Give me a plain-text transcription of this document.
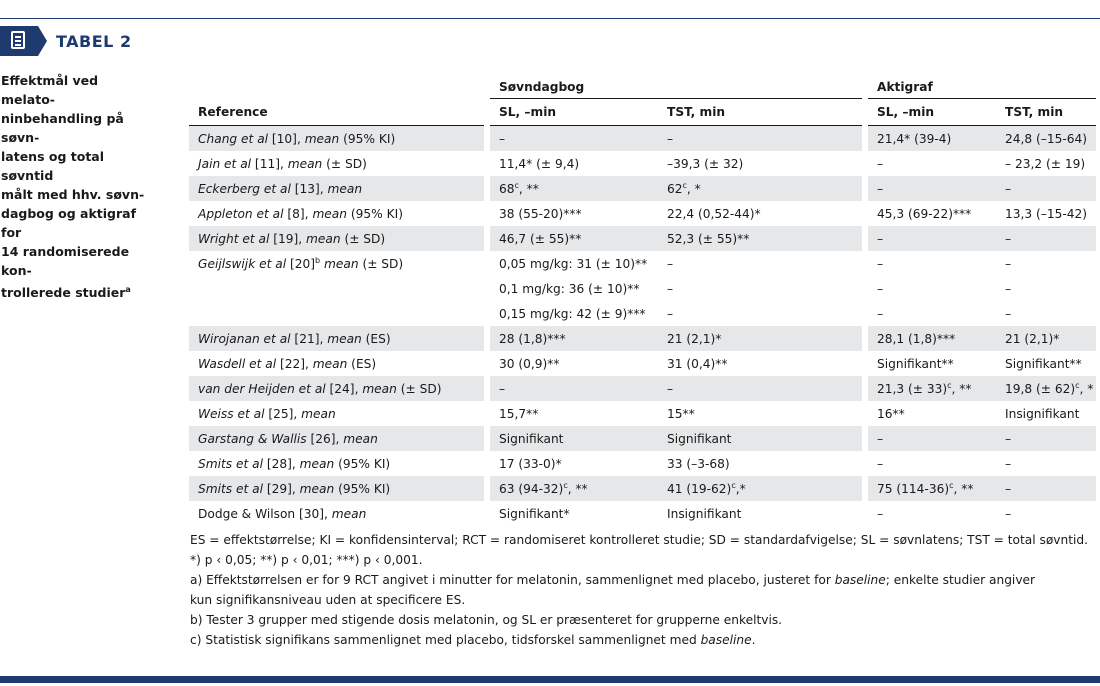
TABEL 2
Effektmål ved melato-
ninbehandling på søvn-
latens og total søvntid
målt med hhv. søvn-
dagbog og aktigraf for
14 randomiserede kon-
trollerede studier$^a$
	Søvndagbog		Aktigraf	
Reference	SL, –min	TST, min	SL, –min	TST, min
Chang et al [10], mean (95% KI)	–	–	21,4* (39-4)	24,8 (–15-64)
Jain et al [11], mean (± SD)	11,4* (± 9,4)	–39,3 (± 32)	–	– 23,2 (± 19)
Eckerberg et al [13], mean	68$^c$, **	62$^c$, *	–	–
Appleton et al [8], mean (95% KI)	38 (55-20)***	22,4 (0,52-44)*	45,3 (69-22)***	13,3 (–15-42)
Wright et al [19], mean (± SD)	46,7 (± 55)**	52,3 (± 55)**	–	–
Geijlswijk et al $[20]^b$ mean (± SD)	0,05 mg/kg: 31 (± 10)**	–	–	–
	0,1 mg/kg: 36 (± 10)**	–	–	–
	0,15 mg/kg: 42 (± 9)***	–	–	–
Wirojanan et al [21], mean (ES)	28 (1,8)***	21 (2,1)*	28,1 (1,8)***	21 (2,1)*
Wasdell et al [22], mean (ES)	30 (0,9)**	31 (0,4)**	Signifikant**	Signifikant**
van der Heijden et al [24], mean (± SD)	–	–	21,3 (± 33)$^c$, **	19,8 (± 62)$^c$, *
Weiss et al [25], mean	15,7**	15**	16**	Insignifikant
Garstang & Wallis [26], mean	Signifikant	Signifikant	–	–
Smits et al [28], mean (95% KI)	17 (33-0)*	33 (–3-68)	–	–
Smits et al [29], mean (95% KI)	63 $(94-32)^c$, **	41 $(19-62)^c,*$	75 $(114-36)^c$, **	–
Dodge & Wilson [30], mean	Signifikant*	Insignifikant	–	–

ES = effektstørrelse; KI = konfidensinterval; RCT = randomiseret kontrolleret studie; SD = standardafvigelse; SL = søvnlatens; TST = total søvntid.

*) p ‹ 0,05; **) p ‹ 0,01; ***) p ‹ 0,001.

a) Effektstørrelsen er for 9 RCT angivet i minutter for melatonin, sammenlignet med placebo, justeret for baseline; enkelte studier angiver

kun signifikansniveau uden at specificere ES.

b) Tester 3 grupper med stigende dosis melatonin, og SL er præsenteret for grupperne enkeltvis.

c) Statistisk signifikans sammenlignet med placebo, tidsforskel sammenlignet med baseline.
